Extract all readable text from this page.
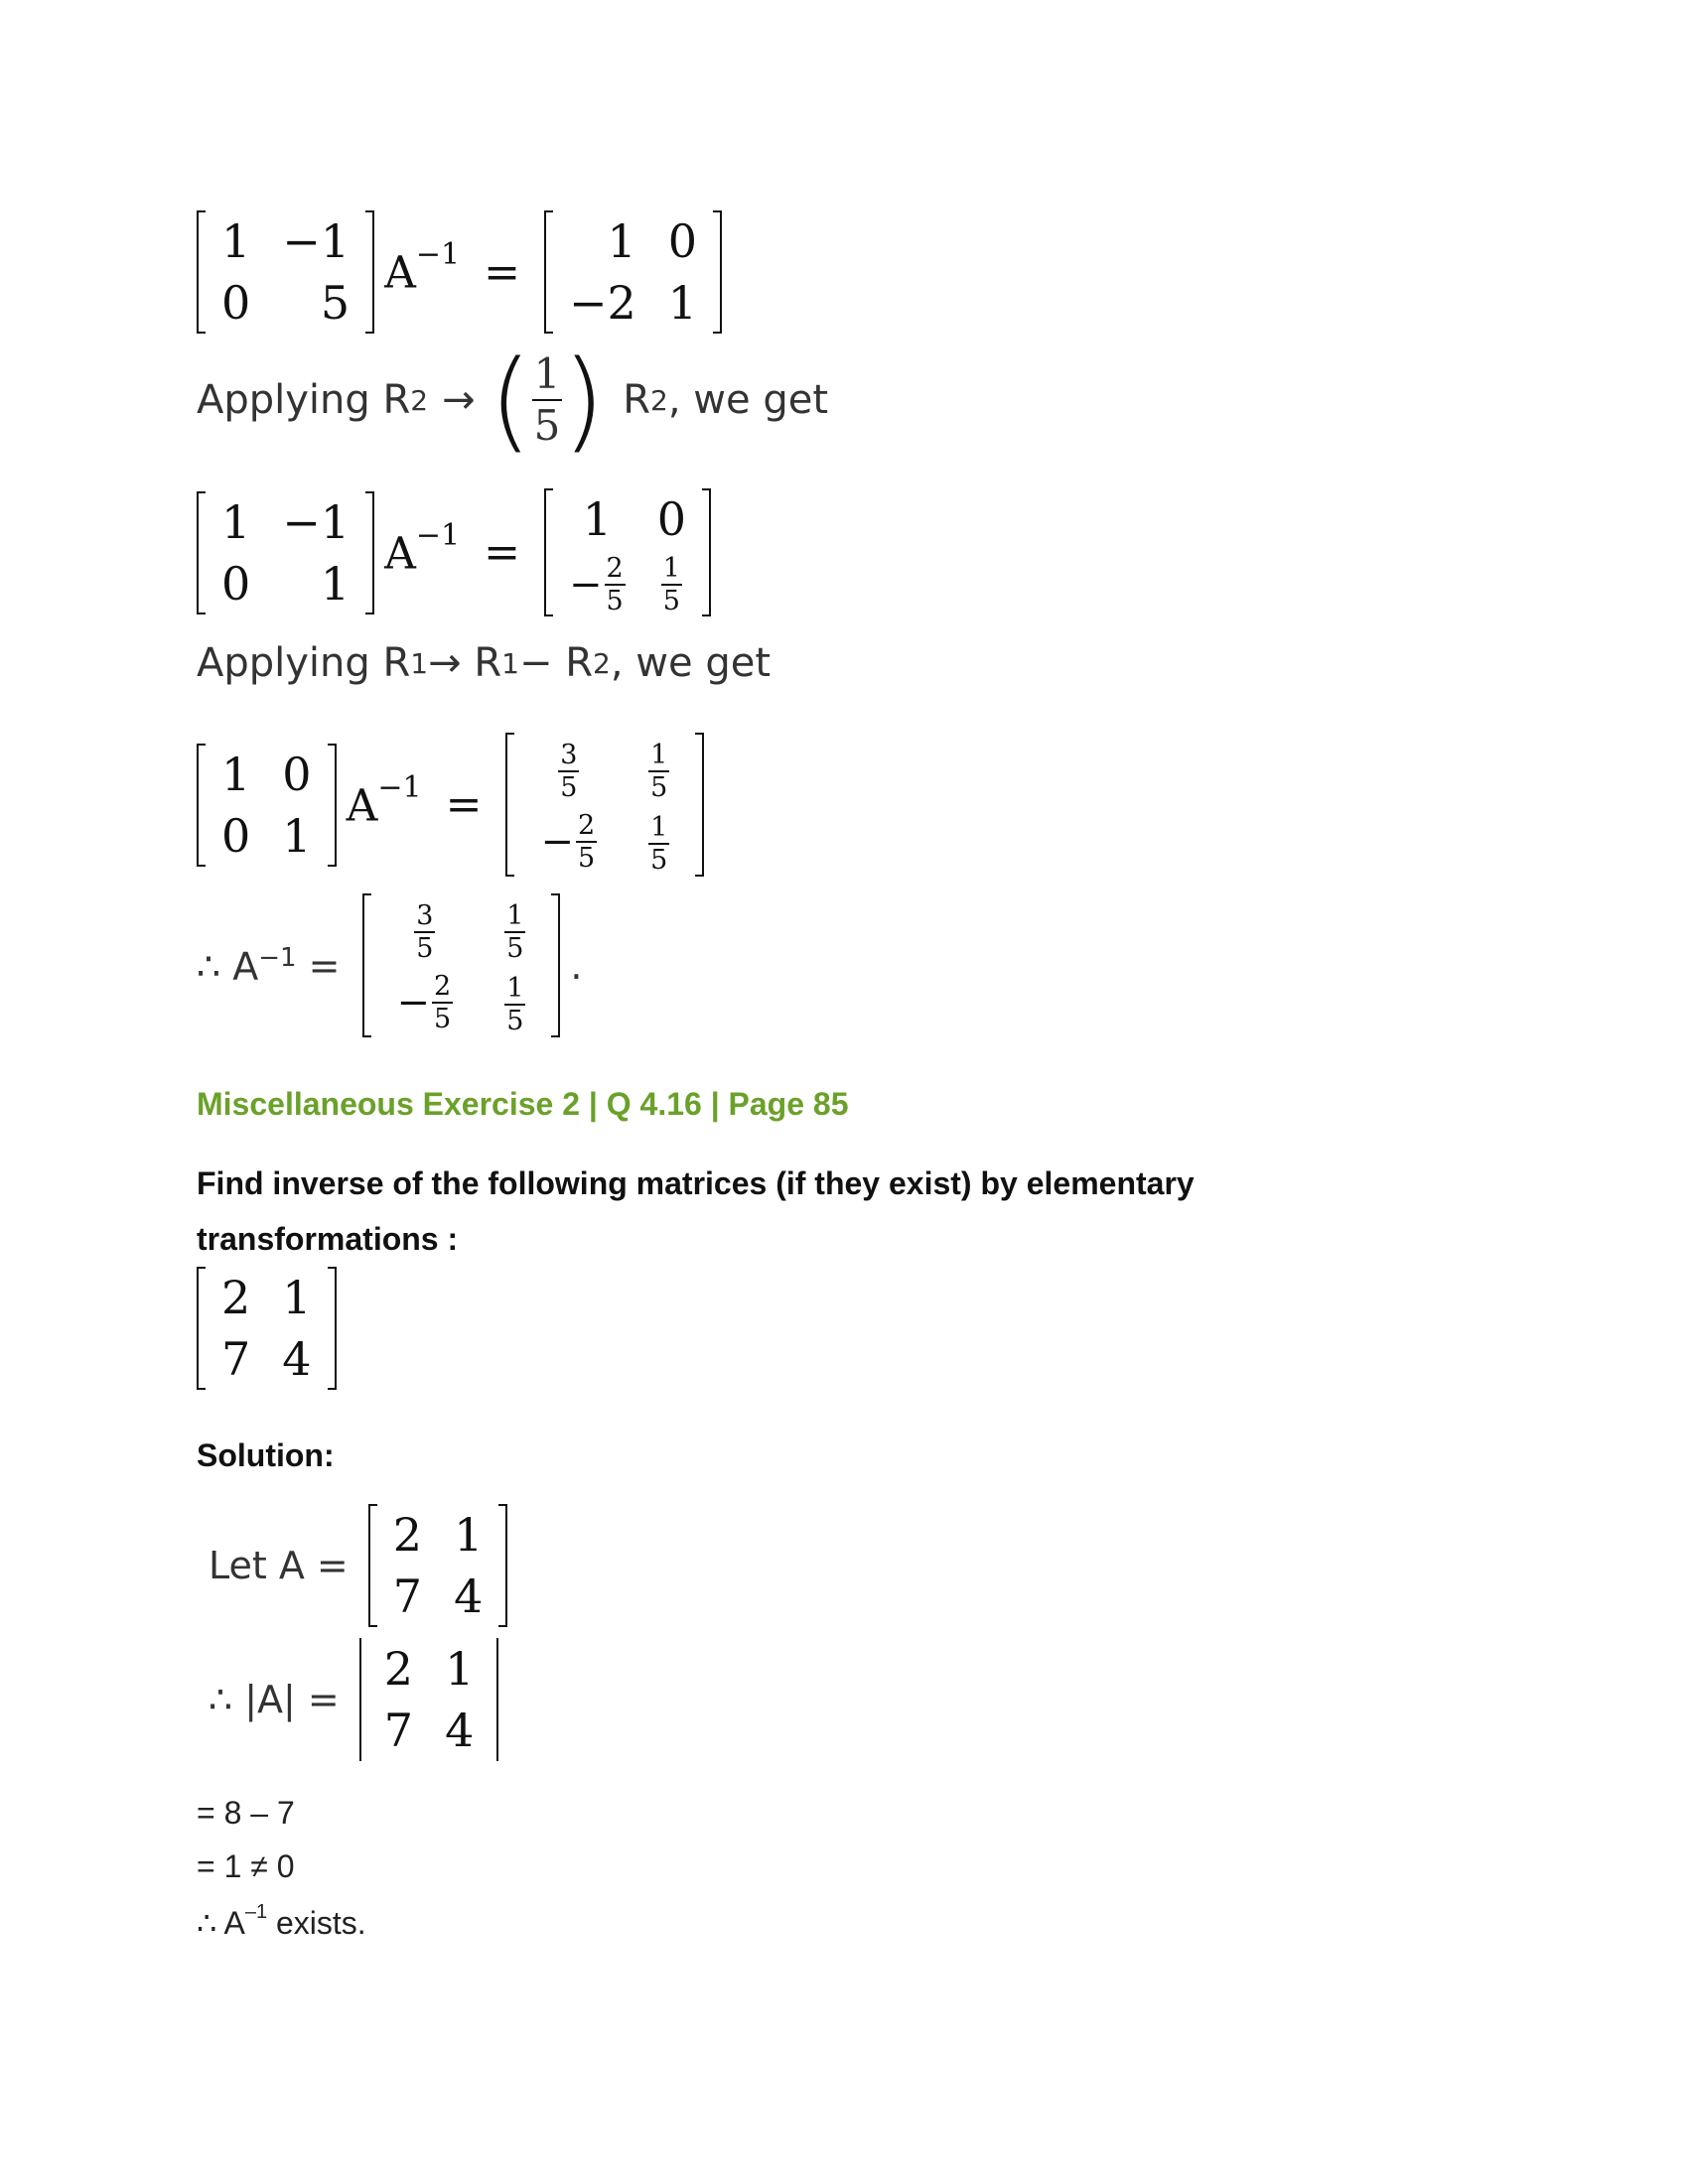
1	−1
0	5
$A^{-1}$ =
1	0
−2	1
Applying R 2 → ( $\frac{1}{5}$ ) R 2 , we get
1	−1
0	1
$A^{-1}$ =
1	0
− $\frac{2}{5}$	$\frac{1}{5}$
Applying R 1 → R 1 − R 2 , we get
1	0
0	1
$A^{-1}$ =
$\frac{3}{5}$	$\frac{1}{5}$

− $\frac{2}{5}$	$\frac{1}{5}$
∴ $A^{-1}$ =
$\frac{3}{5}$	$\frac{1}{5}$

− $\frac{2}{5}$	$\frac{1}{5}$
.
Miscellaneous Exercise 2 | Q 4.16 | Page 85
Find inverse of the following matrices (if they exist) by elementary
transformations :
2	1
7	4
Solution:
Let A =
2	1
7	4
∴ |A| =
2	1
7	4
= 8 – 7
= 1 ≠ 0
∴ $A^{-1}$ exists.
